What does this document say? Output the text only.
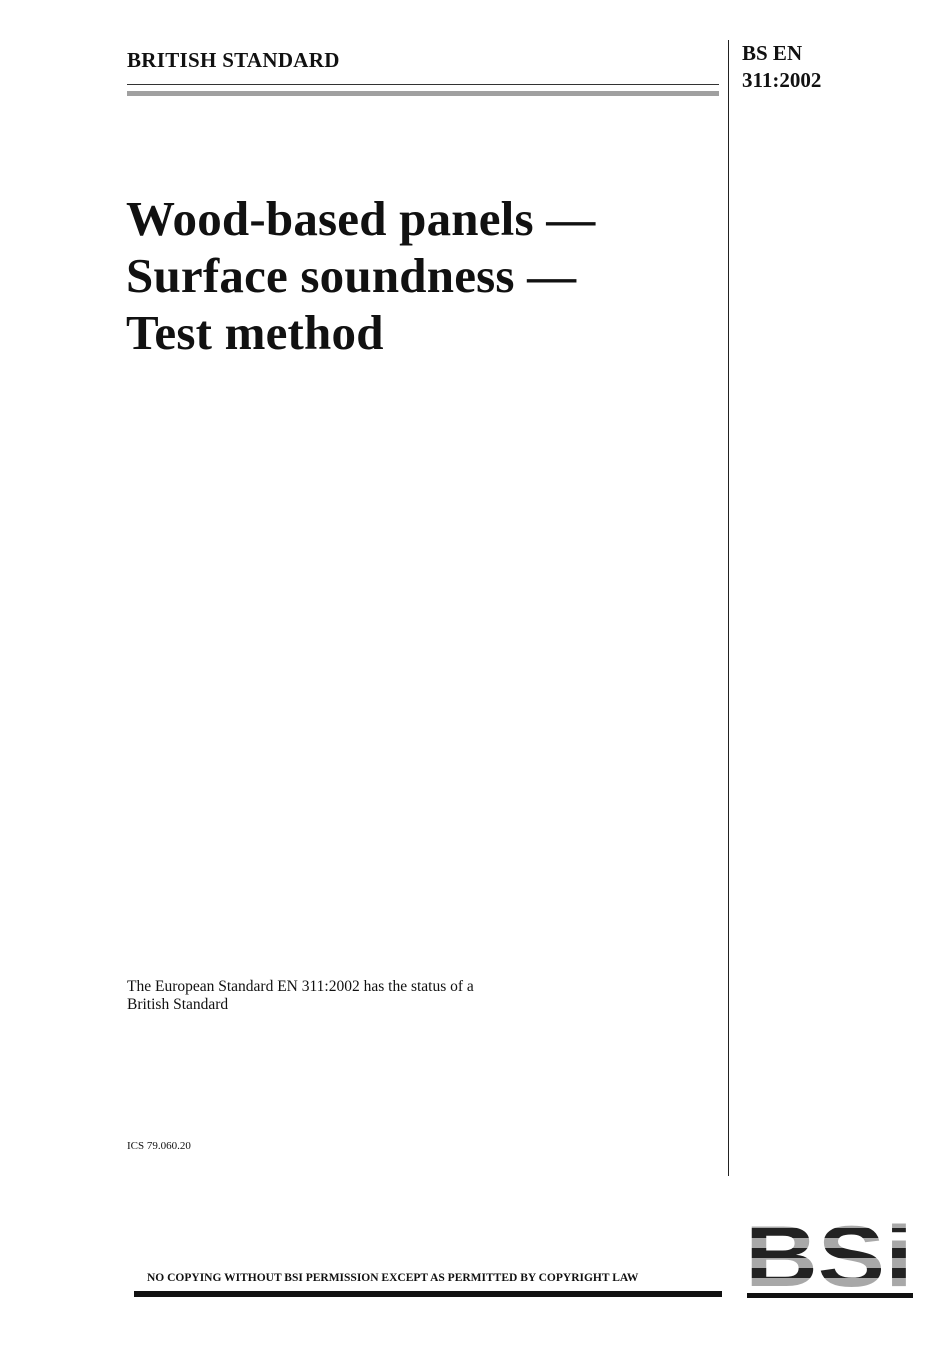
BRITISH STANDARD	BS EN
311:2002
Wood-based panels —
Surface soundness —
Test method
The European Standard EN 311:2002 has the status of a
British Standard
ICS 79.060.20
NO COPYING WITHOUT BSI PERMISSION EXCEPT AS PERMITTED BY COPYRIGHT LAW
